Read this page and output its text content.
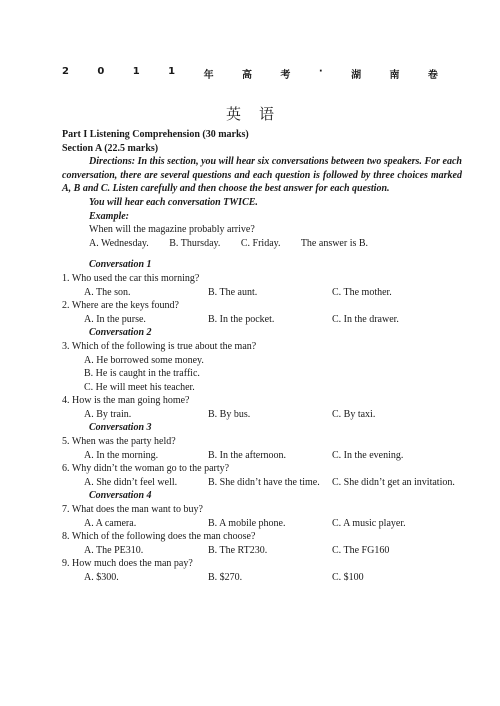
2	0	1	1	年	高	考	·	湖	南	卷
英语
Part I Listening Comprehension (30 marks)
Section A (22.5 marks)
Directions: In this section, you will hear six conversations between two speakers. For each conversation, there are several questions and each question is followed by three choices marked A, B and C. Listen carefully and then choose the best answer for each question.
You will hear each conversation TWICE.
Example:
When will the magazine probably arrive?
A. Wednesday. B. Thursday. C. Friday. The answer is B.
Conversation 1
1. Who used the car this morning?
A. The son.	B. The aunt.	C. The mother.
2. Where are the keys found?
A. In the purse.	B. In the pocket.	C. In the drawer.
Conversation 2
3. Which of the following is true about the man?
A. He borrowed some money.
B. He is caught in the traffic.
C. He will meet his teacher.
4. How is the man going home?
A. By train.	B. By bus.	C. By taxi.
Conversation 3
5. When was the party held?
A. In the morning.	B. In the afternoon.	C. In the evening.
6. Why didn’t the woman go to the party?
A. She didn’t feel well.	B. She didn’t have the time.	C. She didn’t get an invitation.
Conversation 4
7. What does the man want to buy?
A. A camera.	B. A mobile phone.	C. A music player.
8. Which of the following does the man choose?
A. The PE310.	B. The RT230.	C. The FG160
9. How much does the man pay?
A. $300.	B. $270.	C. $100
